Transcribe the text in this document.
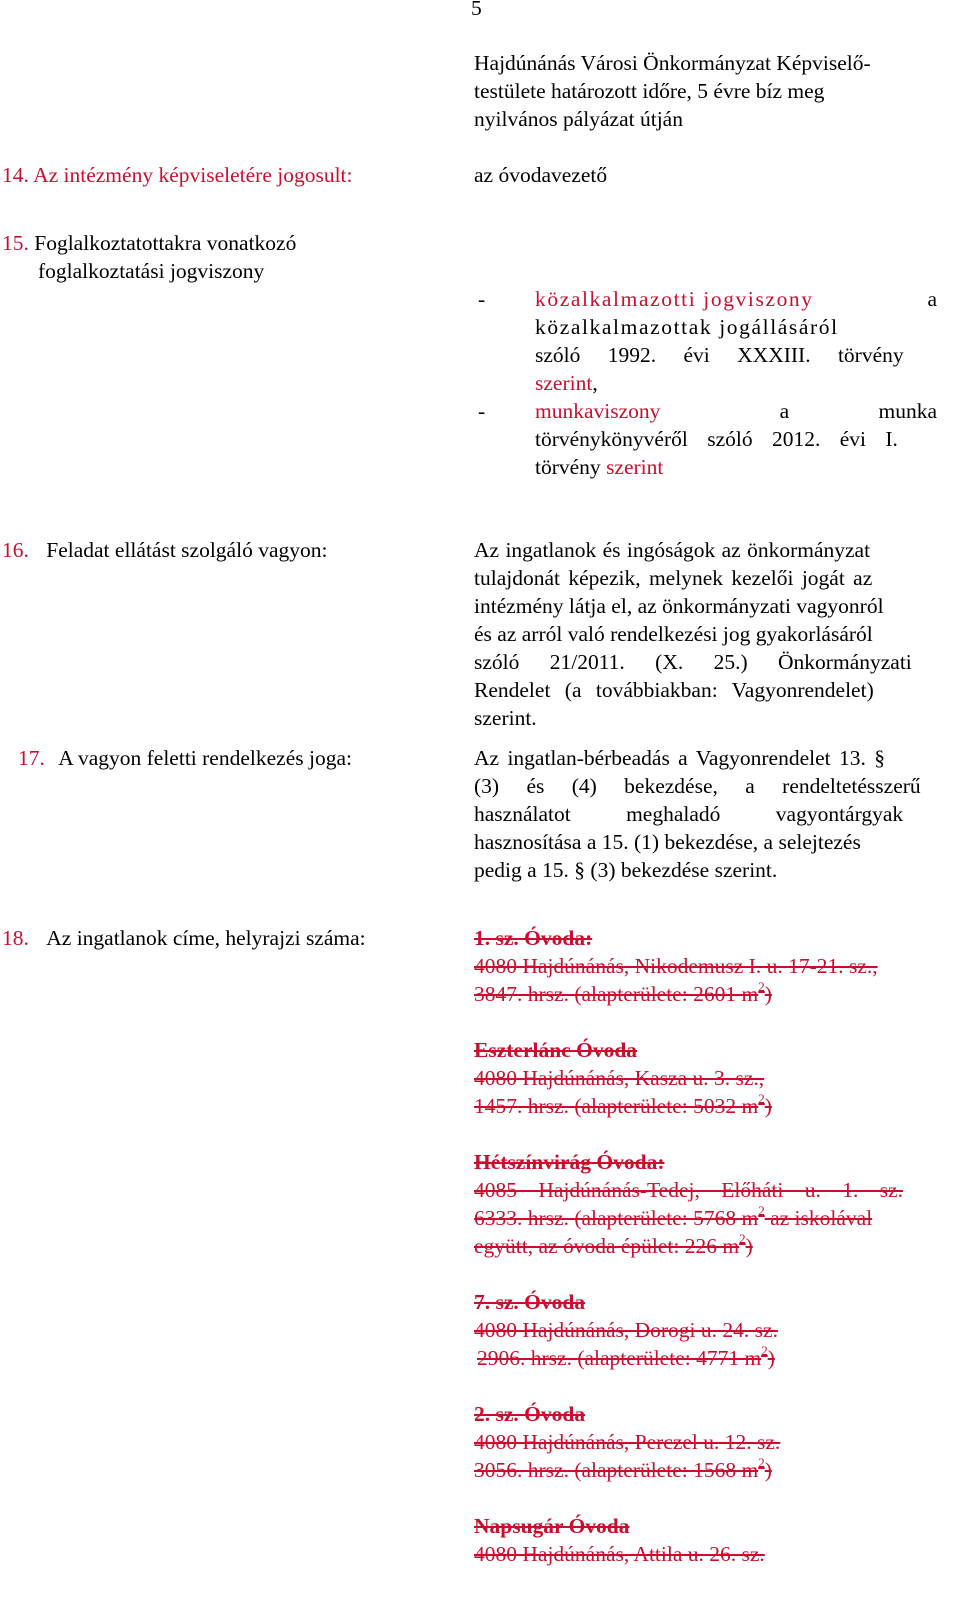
5
Hajdúnánás Városi Önkormányzat Képviselő-
testülete határozott időre, 5 évre bíz meg
nyilvános pályázat útján
14. Az intézmény képviseletére jogosult:	az óvodavezető
15. Foglalkoztatottakra vonatkozó
foglalkoztatási jogviszony
- közalkalmazotti jogviszony	a
közalkalmazottak jogállásáról
szóló 1992. évi XXXIII. törvény
szerint,
- munkaviszony	a munka
törvénykönyvéről szóló 2012. évi I.
törvény szerint
16. Feladat ellátást szolgáló vagyon:	Az ingatlanok és ingóságok az önkormányzat
tulajdonát képezik, melynek kezelői jogát az
intézmény látja el, az önkormányzati vagyonról
és az arról való rendelkezési jog gyakorlásáról
szóló 21/2011. (X. 25.) Önkormányzati
Rendelet (a továbbiakban: Vagyonrendelet)
szerint.
17. A vagyon feletti rendelkezés joga:	Az ingatlan-bérbeadás a Vagyonrendelet 13. §
(3) és (4) bekezdése, a rendeltetésszerű
használatot meghaladó vagyontárgyak
hasznosítása a 15. (1) bekezdése, a selejtezés
pedig a 15. § (3) bekezdése szerint.
18. Az ingatlanok címe, helyrajzi száma:	1. sz. Óvoda:
4080 Hajdúnánás, Nikodemusz I. u. 17-21. sz.,
3847. hrsz. (alapterülete: 2601 $m^2$)
Eszterlánc Óvoda
4080 Hajdúnánás, Kasza u. 3. sz.,
1457. hrsz. (alapterülete: 5032 $m^2$)
Hétszínvirág Óvoda:
4085 Hajdúnánás-Tedej, Előháti u. 1. sz.
6333. hrsz. (alapterülete: 5768 $m^2$ az iskolával
együtt, az óvoda épület: 226 $m^2$)
7. sz. Óvoda
4080 Hajdúnánás, Dorogi u. 24. sz.
2906. hrsz. (alapterülete: 4771 $m^2$)
2. sz. Óvoda
4080 Hajdúnánás, Perczel u. 12. sz.
3056. hrsz. (alapterülete: 1568 $m^2$)
Napsugár Óvoda
4080 Hajdúnánás, Attila u. 26. sz.
